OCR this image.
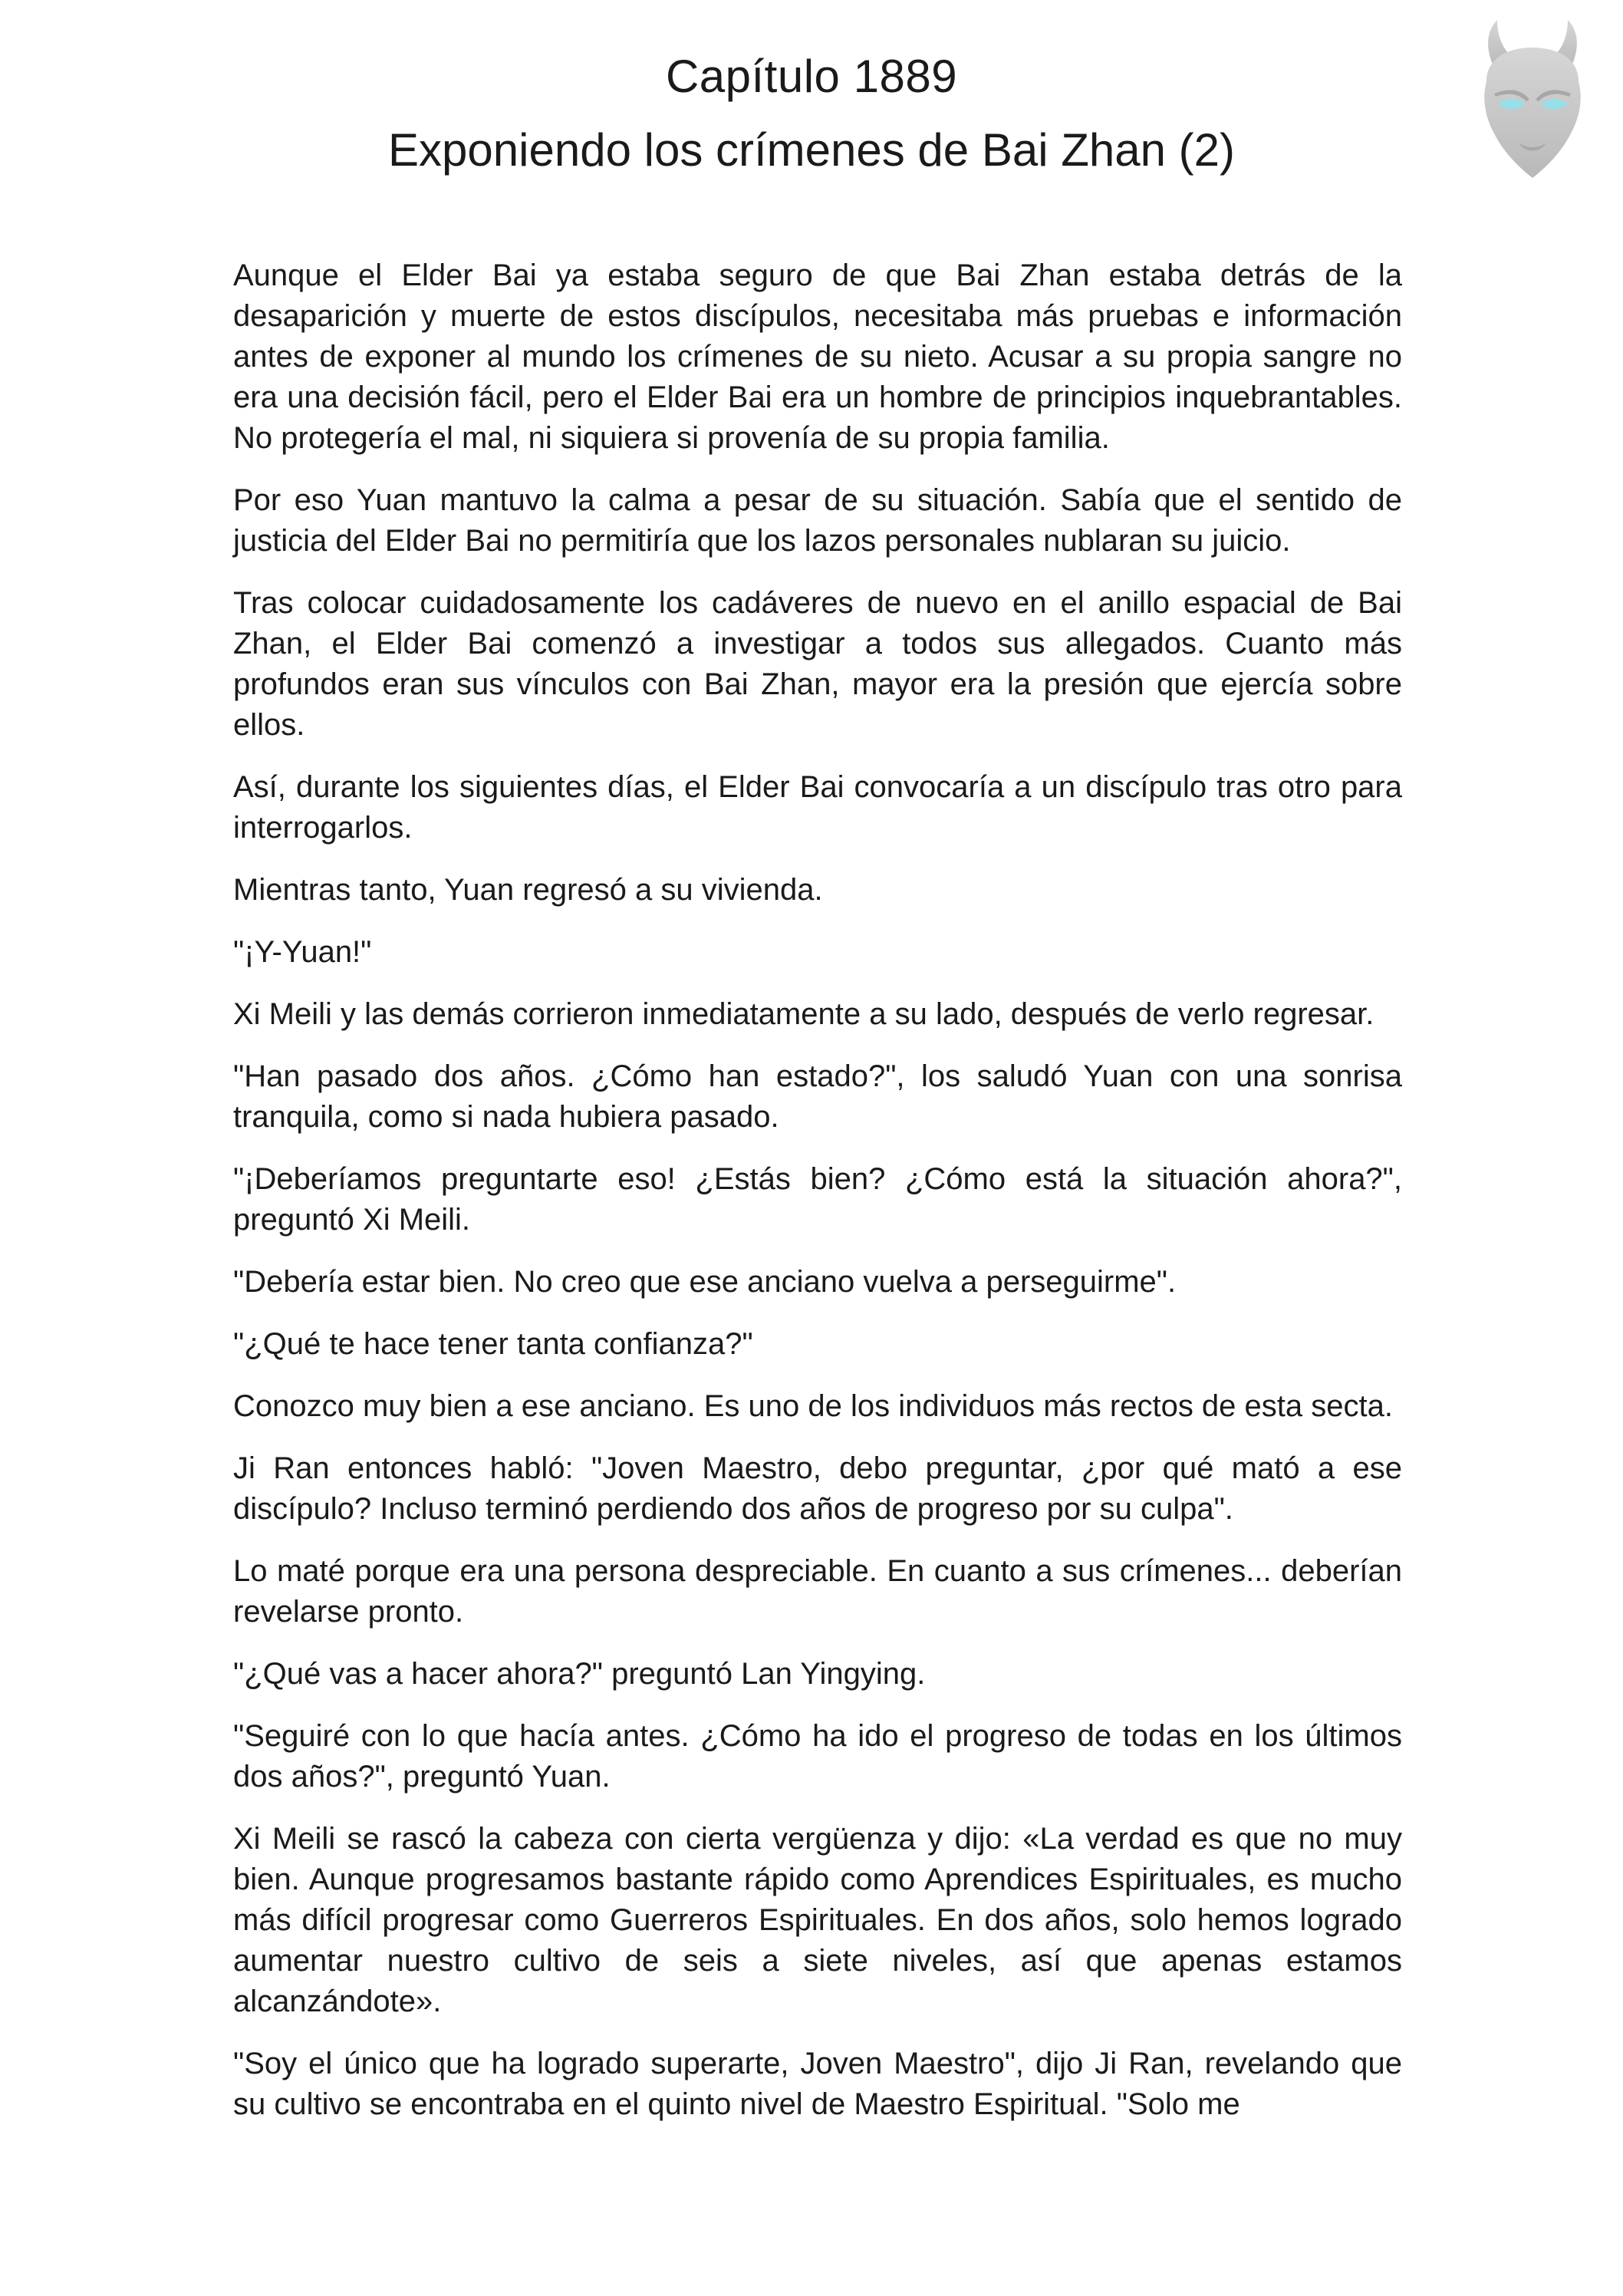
Capítulo 1889
Exponiendo los crímenes de Bai Zhan (2)

Aunque el Elder Bai ya estaba seguro de que Bai Zhan estaba detrás de la desaparición y muerte de estos discípulos, necesitaba más pruebas e información antes de exponer al mundo los crímenes de su nieto. Acusar a su propia sangre no era una decisión fácil, pero el Elder Bai era un hombre de principios inquebrantables. No protegería el mal, ni siquiera si provenía de su propia familia.

Por eso Yuan mantuvo la calma a pesar de su situación. Sabía que el sentido de justicia del Elder Bai no permitiría que los lazos personales nublaran su juicio.

Tras colocar cuidadosamente los cadáveres de nuevo en el anillo espacial de Bai Zhan, el Elder Bai comenzó a investigar a todos sus allegados. Cuanto más profundos eran sus vínculos con Bai Zhan, mayor era la presión que ejercía sobre ellos.

Así, durante los siguientes días, el Elder Bai convocaría a un discípulo tras otro para interrogarlos.

Mientras tanto, Yuan regresó a su vivienda.

"¡Y-Yuan!"

Xi Meili y las demás corrieron inmediatamente a su lado, después de verlo regresar.

"Han pasado dos años. ¿Cómo han estado?", los saludó Yuan con una sonrisa tranquila, como si nada hubiera pasado.

"¡Deberíamos preguntarte eso! ¿Estás bien? ¿Cómo está la situación ahora?", preguntó Xi Meili.

"Debería estar bien. No creo que ese anciano vuelva a perseguirme".

"¿Qué te hace tener tanta confianza?"

Conozco muy bien a ese anciano. Es uno de los individuos más rectos de esta secta.

Ji Ran entonces habló: "Joven Maestro, debo preguntar, ¿por qué mató a ese discípulo? Incluso terminó perdiendo dos años de progreso por su culpa".

Lo maté porque era una persona despreciable. En cuanto a sus crímenes... deberían revelarse pronto.

"¿Qué vas a hacer ahora?" preguntó Lan Yingying.

"Seguiré con lo que hacía antes. ¿Cómo ha ido el progreso de todas en los últimos dos años?", preguntó Yuan.

Xi Meili se rascó la cabeza con cierta vergüenza y dijo: «La verdad es que no muy bien. Aunque progresamos bastante rápido como Aprendices Espirituales, es mucho más difícil progresar como Guerreros Espirituales. En dos años, solo hemos logrado aumentar nuestro cultivo de seis a siete niveles, así que apenas estamos alcanzándote».

"Soy el único que ha logrado superarte, Joven Maestro", dijo Ji Ran, revelando que su cultivo se encontraba en el quinto nivel de Maestro Espiritual. "Solo me
